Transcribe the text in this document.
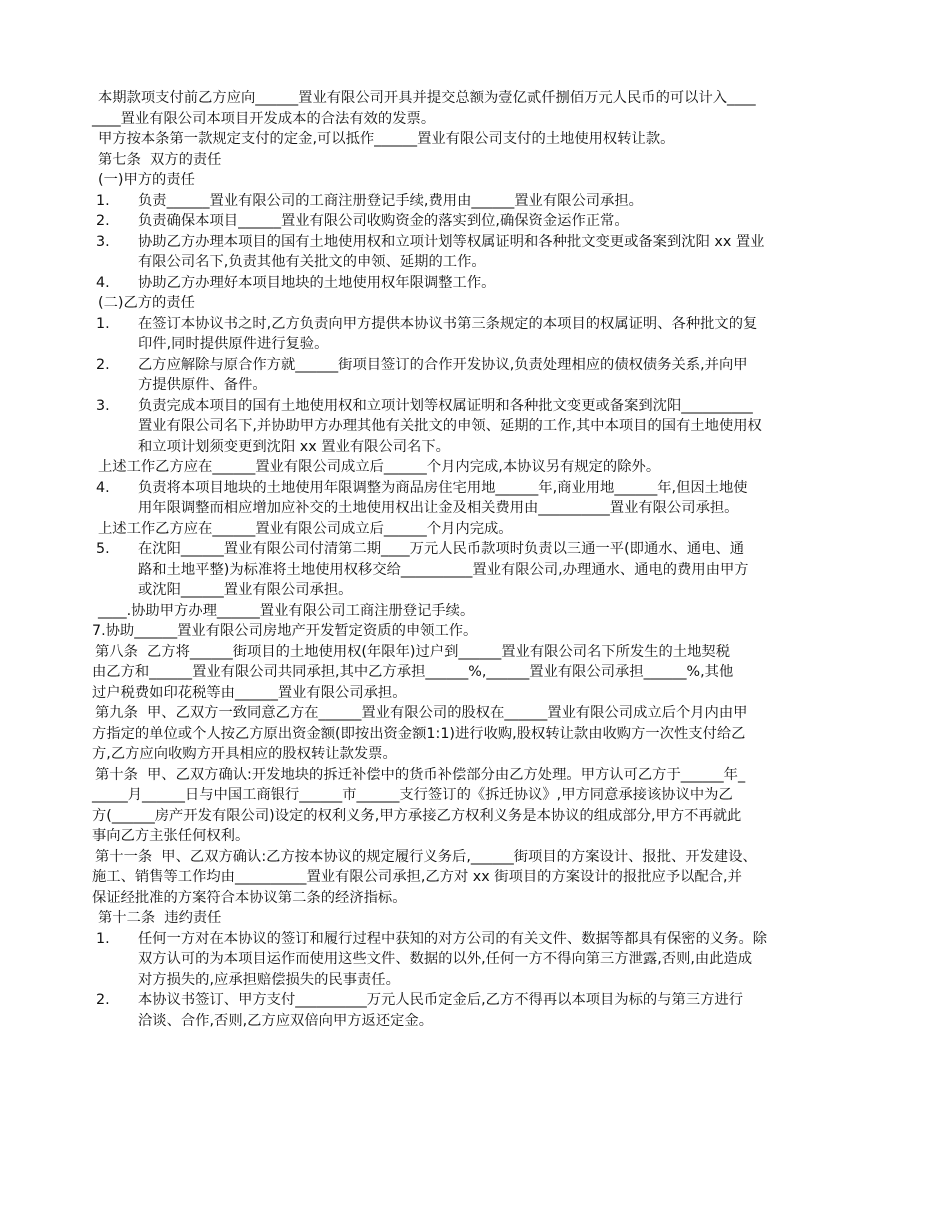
本期款项支付前乙方应向______置业有限公司开具并提交总额为壹亿贰仟捌佰万元人民币的可以计入____
____置业有限公司本项目开发成本的合法有效的发票。
甲方按本条第一款规定支付的定金,可以抵作______置业有限公司支付的土地使用权转让款。
第七条  双方的责任
(一)甲方的责任
1. 负责______置业有限公司的工商注册登记手续,费用由______置业有限公司承担。
2. 负责确保本项目______置业有限公司收购资金的落实到位,确保资金运作正常。
3. 协助乙方办理本项目的国有土地使用权和立项计划等权属证明和各种批文变更或备案到沈阳 xx 置业
有限公司名下,负责其他有关批文的申领、延期的工作。
4. 协助乙方办理好本项目地块的土地使用权年限调整工作。
(二)乙方的责任
1. 在签订本协议书之时,乙方负责向甲方提供本协议书第三条规定的本项目的权属证明、各种批文的复
印件,同时提供原件进行复验。
2. 乙方应解除与原合作方就______街项目签订的合作开发协议,负责处理相应的债权债务关系,并向甲
方提供原件、备件。
3. 负责完成本项目的国有土地使用权和立项计划等权属证明和各种批文变更或备案到沈阳__________
置业有限公司名下,并协助甲方办理其他有关批文的申领、延期的工作,其中本项目的国有土地使用权
和立项计划须变更到沈阳 xx 置业有限公司名下。
上述工作乙方应在______置业有限公司成立后______个月内完成,本协议另有规定的除外。
4. 负责将本项目地块的土地使用年限调整为商品房住宅用地______年,商业用地______年,但因土地使
用年限调整而相应增加应补交的土地使用权出让金及相关费用由__________置业有限公司承担。
上述工作乙方应在______置业有限公司成立后______个月内完成。
5. 在沈阳______置业有限公司付清第二期____万元人民币款项时负责以三通一平(即通水、通电、通
路和土地平整)为标准将土地使用权移交给__________置业有限公司,办理通水、通电的费用由甲方
或沈阳______置业有限公司承担。
____.协助甲方办理______置业有限公司工商注册登记手续。
7.协助______置业有限公司房地产开发暂定资质的申领工作。
第八条  乙方将______街项目的土地使用权(年限年)过户到______置业有限公司名下所发生的土地契税
由乙方和______置业有限公司共同承担,其中乙方承担______%,______置业有限公司承担______%,其他
过户税费如印花税等由______置业有限公司承担。
第九条  甲、乙双方一致同意乙方在______置业有限公司的股权在______置业有限公司成立后个月内由甲
方指定的单位或个人按乙方原出资金额(即按出资金额1:1)进行收购,股权转让款由收购方一次性支付给乙
方,乙方应向收购方开具相应的股权转让款发票。
第十条  甲、乙双方确认:开发地块的拆迁补偿中的货币补偿部分由乙方处理。甲方认可乙方于______年_
_____月______日与中国工商银行______市______支行签订的《拆迁协议》,甲方同意承接该协议中为乙
方(______房产开发有限公司)设定的权利义务,甲方承接乙方权利义务是本协议的组成部分,甲方不再就此
事向乙方主张任何权利。
第十一条  甲、乙双方确认:乙方按本协议的规定履行义务后,______街项目的方案设计、报批、开发建设、
施工、销售等工作均由__________置业有限公司承担,乙方对 xx 街项目的方案设计的报批应予以配合,并
保证经批准的方案符合本协议第二条的经济指标。
第十二条  违约责任
1. 任何一方对在本协议的签订和履行过程中获知的对方公司的有关文件、数据等都具有保密的义务。除
双方认可的为本项目运作而使用这些文件、数据的以外,任何一方不得向第三方泄露,否则,由此造成
对方损失的,应承担赔偿损失的民事责任。
2. 本协议书签订、甲方支付__________万元人民币定金后,乙方不得再以本项目为标的与第三方进行
洽谈、合作,否则,乙方应双倍向甲方返还定金。
